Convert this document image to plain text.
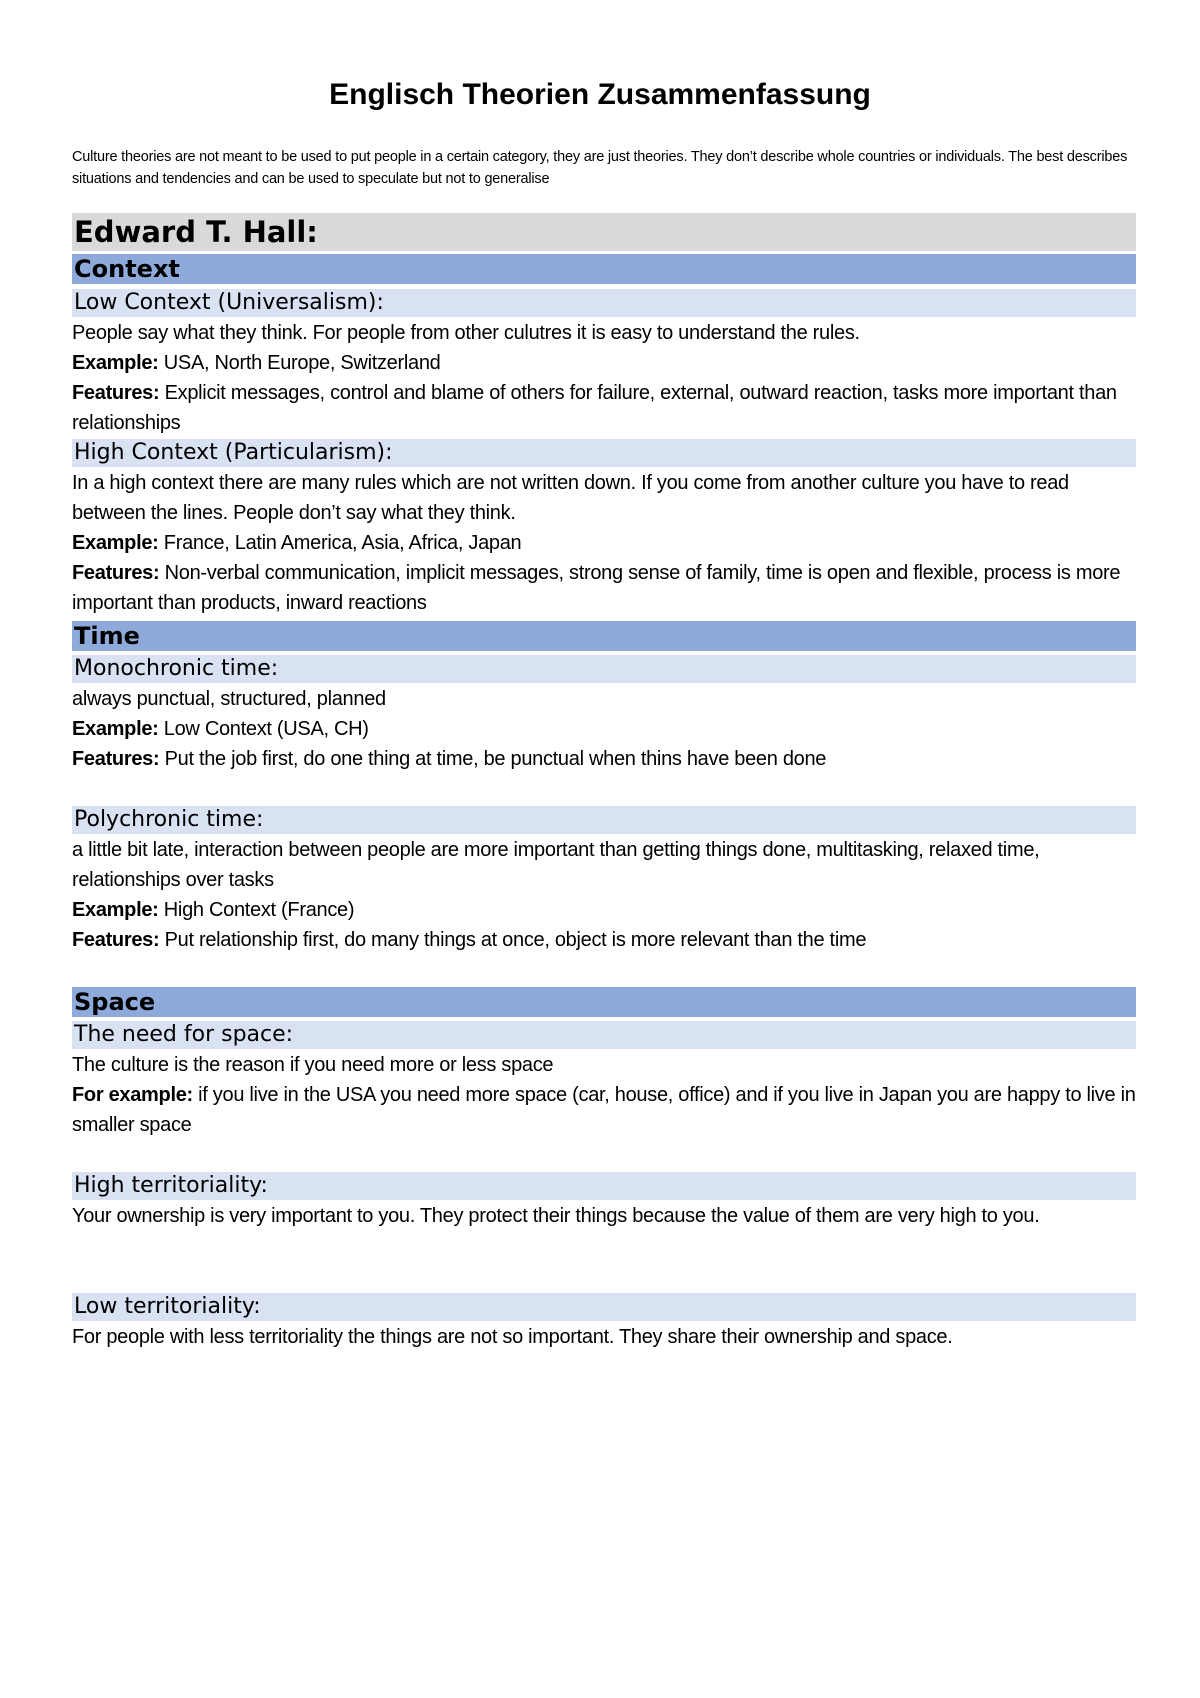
Englisch Theorien Zusammenfassung
Culture theories are not meant to be used to put people in a certain category, they are just theories. They don’t describe whole countries or individuals. The best describes situations and tendencies and can be used to speculate but not to generalise
Edward T. Hall:
Context
Low Context (Universalism):
People say what they think. For people from other culutres it is easy to understand the rules.
Example: USA, North Europe, Switzerland
Features: Explicit messages, control and blame of others for failure, external, outward reaction, tasks more important than relationships
High Context (Particularism):
In a high context there are many rules which are not written down. If you come from another culture you have to read between the lines. People don’t say what they think.
Example: France, Latin America, Asia, Africa, Japan
Features: Non-verbal communication, implicit messages, strong sense of family, time is open and flexible, process is more important than products, inward reactions
Time
Monochronic time:
always punctual, structured, planned
Example: Low Context (USA, CH)
Features: Put the job first, do one thing at time, be punctual when thins have been done
Polychronic time:
a little bit late, interaction between people are more important than getting things done, multitasking, relaxed time, relationships over tasks
Example: High Context (France)
Features: Put relationship first, do many things at once, object is more relevant than the time
Space
The need for space:
The culture is the reason if you need more or less space
For example: if you live in the USA you need more space (car, house, office) and if you live in Japan you are happy to live in smaller space
High territoriality:
Your ownership is very important to you. They protect their things because the value of them are very high to you.
Low territoriality:
For people with less territoriality the things are not so important. They share their ownership and space.
